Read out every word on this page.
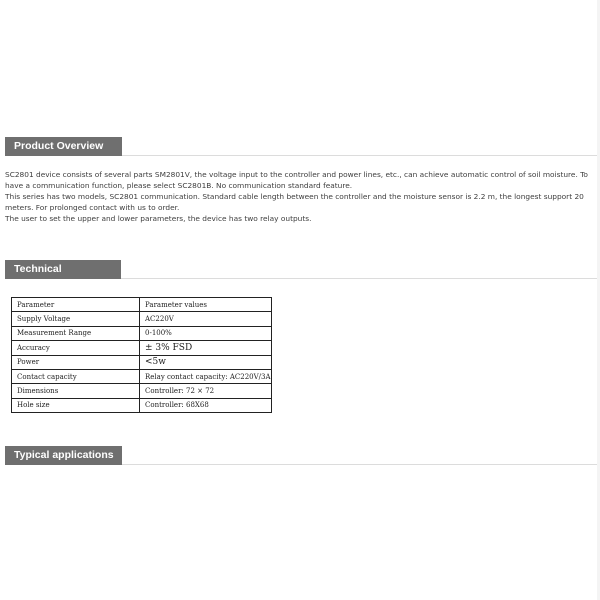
Product Overview

SC2801 device consists of several parts SM2801V, the voltage input to the controller and power lines, etc., can achieve automatic control of soil moisture. To have a communication function, please select SC2801B. No communication standard feature.

This series has two models, SC2801 communication. Standard cable length between the controller and the moisture sensor is 2.2 m, the longest support 20 meters. For prolonged contact with us to order.

The user to set the upper and lower parameters, the device has two relay outputs.

Technical Parameters
Parameter	Parameter values
Supply Voltage	AC220V
Measurement Range	0-100%
Accuracy	± 3% FSD
Power	<5w
Contact capacity	Relay contact capacity: AC220V/3A
Dimensions	Controller: 72 × 72
Hole size	Controller: 68X68
Typical applications
